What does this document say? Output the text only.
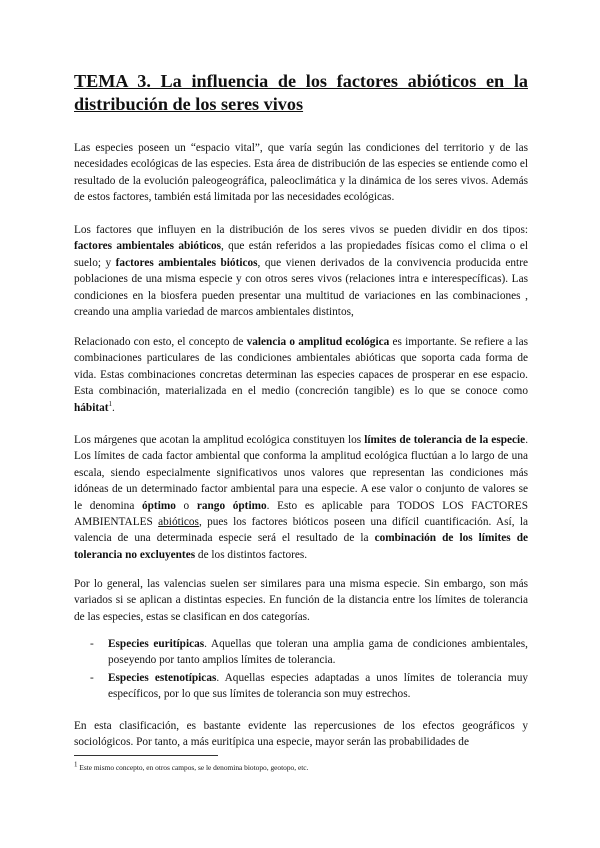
TEMA 3. La influencia de los factores abióticos en la distribución de los seres vivos

Las especies poseen un “espacio vital”, que varía según las condiciones del territorio y de las necesidades ecológicas de las especies. Esta área de distribución de las especies se entiende como el resultado de la evolución paleogeográfica, paleoclimática y la dinámica de los seres vivos. Además de estos factores, también está limitada por las necesidades ecológicas.

Los factores que influyen en la distribución de los seres vivos se pueden dividir en dos tipos: factores ambientales abióticos, que están referidos a las propiedades físicas como el clima o el suelo; y factores ambientales bióticos, que vienen derivados de la convivencia producida entre poblaciones de una misma especie y con otros seres vivos (relaciones intra e interespecíficas). Las condiciones en la biosfera pueden presentar una multitud de variaciones en las combinaciones , creando una amplia variedad de marcos ambientales distintos,

Relacionado con esto, el concepto de valencia o amplitud ecológica es importante. Se refiere a las combinaciones particulares de las condiciones ambientales abióticas que soporta cada forma de vida. Estas combinaciones concretas determinan las especies capaces de prosperar en ese espacio. Esta combinación, materializada en el medio (concreción tangible) es lo que se conoce como hábitat$^1$.

Los márgenes que acotan la amplitud ecológica constituyen los límites de tolerancia de la especie. Los límites de cada factor ambiental que conforma la amplitud ecológica fluctúan a lo largo de una escala, siendo especialmente significativos unos valores que representan las condiciones más idóneas de un determinado factor ambiental para una especie. A ese valor o conjunto de valores se le denomina óptimo o rango óptimo. Esto es aplicable para TODOS LOS FACTORES AMBIENTALES abióticos, pues los factores bióticos poseen una difícil cuantificación. Así, la valencia de una determinada especie será el resultado de la combinación de los límites de tolerancia no excluyentes de los distintos factores.

Por lo general, las valencias suelen ser similares para una misma especie. Sin embargo, son más variados si se aplican a distintas especies. En función de la distancia entre los límites de tolerancia de las especies, estas se clasifican en dos categorías.

- Especies euritípicas. Aquellas que toleran una amplia gama de condiciones ambientales, poseyendo por tanto amplios límites de tolerancia.
- Especies estenotípicas. Aquellas especies adaptadas a unos límites de tolerancia muy específicos, por lo que sus límites de tolerancia son muy estrechos.

En esta clasificación, es bastante evidente las repercusiones de los efectos geográficos y sociológicos. Por tanto, a más euritípica una especie, mayor serán las probabilidades de

$^1$ Este mismo concepto, en otros campos, se le denomina biotopo, geotopo, etc.
